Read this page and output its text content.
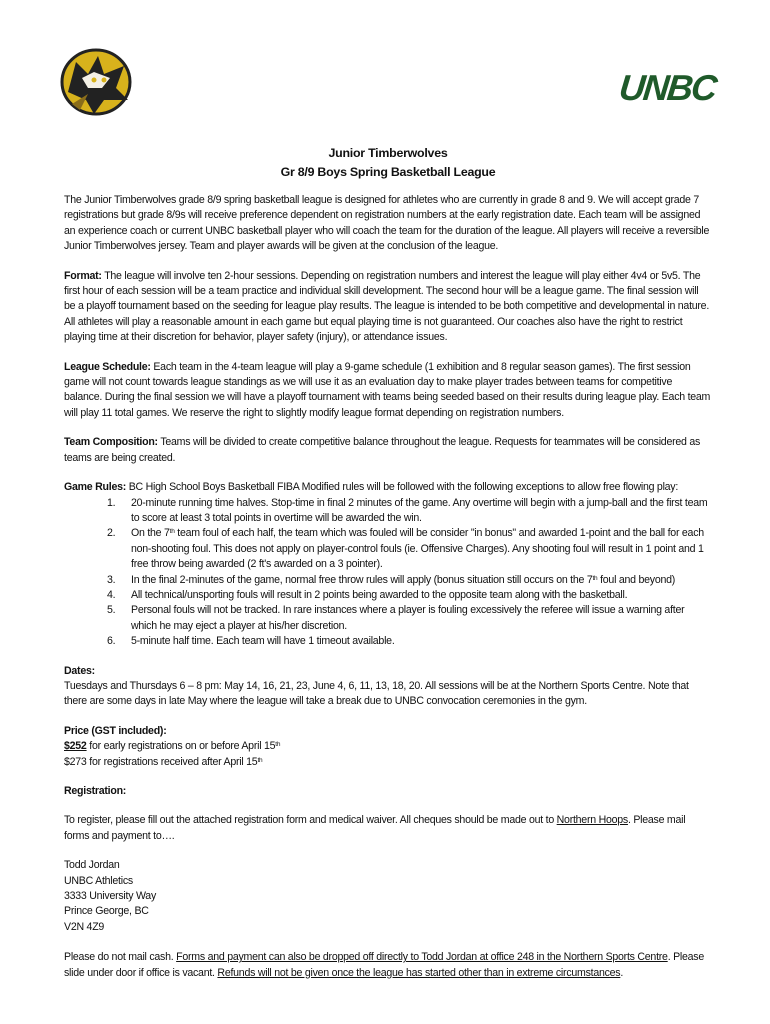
UNBC
Junior Timberwolves
Gr 8/9 Boys Spring Basketball League

The Junior Timberwolves grade 8/9 spring basketball league is designed for athletes who are currently in grade 8 and 9. We will accept grade 7 registrations but grade 8/9s will receive preference dependent on registration numbers at the early registration date. Each team will be assigned an experience coach or current UNBC basketball player who will coach the team for the duration of the league. All players will receive a reversible Junior Timberwolves jersey. Team and player awards will be given at the conclusion of the league.

Format: The league will involve ten 2-hour sessions. Depending on registration numbers and interest the league will play either 4v4 or 5v5. The first hour of each session will be a team practice and individual skill development. The second hour will be a league game. The final session will be a playoff tournament based on the seeding for league play results. The league is intended to be both competitive and developmental in nature. All athletes will play a reasonable amount in each game but equal playing time is not guaranteed. Our coaches also have the right to restrict playing time at their discretion for behavior, player safety (injury), or attendance issues.

League Schedule: Each team in the 4-team league will play a 9-game schedule (1 exhibition and 8 regular season games). The first session game will not count towards league standings as we will use it as an evaluation day to make player trades between teams for competitive balance. During the final session we will have a playoff tournament with teams being seeded based on their results during league play. Each team will play 11 total games. We reserve the right to slightly modify league format depending on registration numbers.

Team Composition: Teams will be divided to create competitive balance throughout the league. Requests for teammates will be considered as teams are being created.

Game Rules: BC High School Boys Basketball FIBA Modified rules will be followed with the following exceptions to allow free flowing play:
1. 20-minute running time halves. Stop-time in final 2 minutes of the game. Any overtime will begin with a jump-ball and the first team to score at least 3 total points in overtime will be awarded the win.
2. On the 7th team foul of each half, the team which was fouled will be consider "in bonus" and awarded 1-point and the ball for each non-shooting foul. This does not apply on player-control fouls (ie. Offensive Charges). Any shooting foul will result in 1 point and 1 free throw being awarded (2 ft's awarded on a 3 pointer).
3. In the final 2-minutes of the game, normal free throw rules will apply (bonus situation still occurs on the 7th foul and beyond)
4. All technical/unsporting fouls will result in 2 points being awarded to the opposite team along with the basketball.
5. Personal fouls will not be tracked. In rare instances where a player is fouling excessively the referee will issue a warning after which he may eject a player at his/her discretion.
6. 5-minute half time. Each team will have 1 timeout available.

Dates:
Tuesdays and Thursdays 6 – 8 pm: May 14, 16, 21, 23, June 4, 6, 11, 13, 18, 20. All sessions will be at the Northern Sports Centre. Note that there are some days in late May where the league will take a break due to UNBC convocation ceremonies in the gym.

Price (GST included):
$252 for early registrations on or before April 15th
$273 for registrations received after April 15th

Registration:

To register, please fill out the attached registration form and medical waiver. All cheques should be made out to Northern Hoops. Please mail forms and payment to….

Todd Jordan
UNBC Athletics
3333 University Way
Prince George, BC
V2N 4Z9

Please do not mail cash. Forms and payment can also be dropped off directly to Todd Jordan at office 248 in the Northern Sports Centre. Please slide under door if office is vacant. Refunds will not be given once the league has started other than in extreme circumstances.
